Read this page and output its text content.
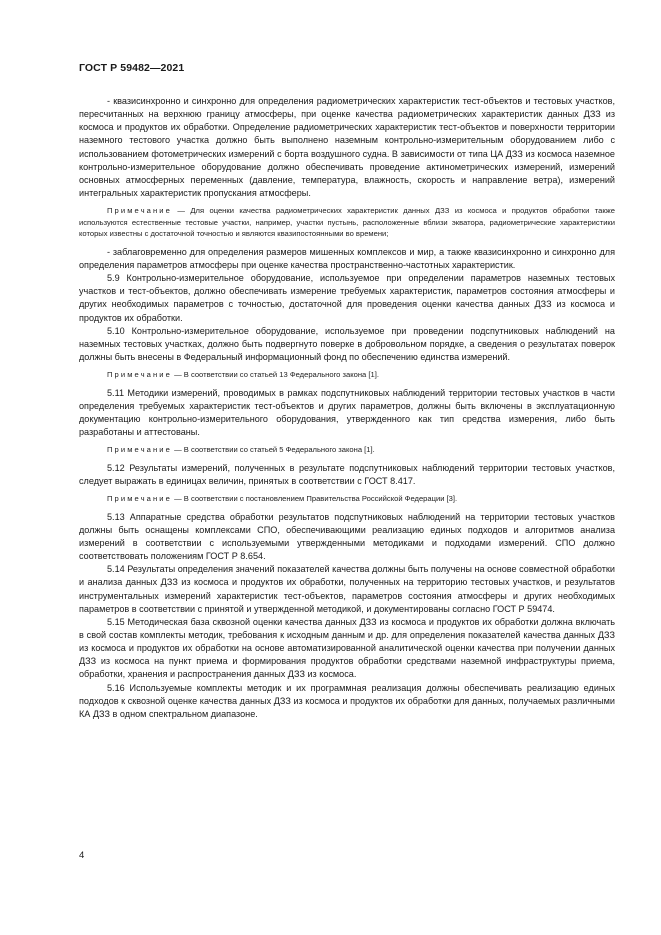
ГОСТ Р 59482—2021

- квазисинхронно и синхронно для определения радиометрических характеристик тест-объектов и тестовых участков, пересчитанных на верхнюю границу атмосферы, при оценке качества радиометрических характеристик данных ДЗЗ из космоса и продуктов их обработки. Определение радиометрических характеристик тест-объектов и поверхности территории наземного тестового участка должно быть выполнено наземным контрольно-измерительным оборудованием либо с использованием фотометрических измерений с борта воздушного судна. В зависимости от типа ЦА ДЗЗ из космоса наземное контрольно-измерительное оборудование должно обеспечивать проведение актинометрических измерений, измерений основных атмосферных переменных (давление, температура, влажность, скорость и направление ветра), измерений интегральных характеристик пропускания атмосферы.

Примечание — Для оценки качества радиометрических характеристик данных ДЗЗ из космоса и продуктов обработки также используются естественные тестовые участки, например, участки пустынь, расположенные вблизи экватора, радиометрические характеристики которых известны с достаточной точностью и являются квазипостоянными во времени;

- заблаговременно для определения размеров мишенных комплексов и мир, а также квазисинхронно и синхронно для определения параметров атмосферы при оценке качества пространственно-частотных характеристик.

5.9 Контрольно-измерительное оборудование, используемое при определении параметров наземных тестовых участков и тест-объектов, должно обеспечивать измерение требуемых характеристик, параметров состояния атмосферы и других необходимых параметров с точностью, достаточной для проведения оценки качества данных ДЗЗ из космоса и продуктов их обработки.

5.10 Контрольно-измерительное оборудование, используемое при проведении подспутниковых наблюдений на наземных тестовых участках, должно быть подвергнуто поверке в добровольном порядке, а сведения о результатах поверок должны быть внесены в Федеральный информационный фонд по обеспечению единства измерений.

Примечание — В соответствии со статьей 13 Федерального закона [1].

5.11 Методики измерений, проводимых в рамках подспутниковых наблюдений территории тестовых участков в части определения требуемых характеристик тест-объектов и других параметров, должны быть включены в эксплуатационную документацию контрольно-измерительного оборудования, утвержденного как тип средства измерения, либо быть разработаны и аттестованы.

Примечание — В соответствии со статьей 5 Федерального закона [1].

5.12 Результаты измерений, полученных в результате подспутниковых наблюдений территории тестовых участков, следует выражать в единицах величин, принятых в соответствии с ГОСТ 8.417.

Примечание — В соответствии с постановлением Правительства Российской Федерации [3].

5.13 Аппаратные средства обработки результатов подспутниковых наблюдений на территории тестовых участков должны быть оснащены комплексами СПО, обеспечивающими реализацию единых подходов и алгоритмов анализа измерений в соответствии с используемыми утвержденными методиками и подходами измерений. СПО должно соответствовать положениям ГОСТ Р 8.654.

5.14 Результаты определения значений показателей качества должны быть получены на основе совместной обработки и анализа данных ДЗЗ из космоса и продуктов их обработки, полученных на территорию тестовых участков, и результатов инструментальных измерений характеристик тест-объектов, параметров состояния атмосферы и других необходимых параметров в соответствии с принятой и утвержденной методикой, и документированы согласно ГОСТ Р 59474.

5.15 Методическая база сквозной оценки качества данных ДЗЗ из космоса и продуктов их обработки должна включать в свой состав комплекты методик, требования к исходным данным и др. для определения показателей качества данных ДЗЗ из космоса и продуктов их обработки на основе автоматизированной аналитической оценки качества при получении данных ДЗЗ из космоса на пункт приема и формирования продуктов обработки средствами наземной инфраструктуры приема, обработки, хранения и распространения данных ДЗЗ из космоса.

5.16 Используемые комплекты методик и их программная реализация должны обеспечивать реализацию единых подходов к сквозной оценке качества данных ДЗЗ из космоса и продуктов их обработки для данных, получаемых различными КА ДЗЗ в одном спектральном диапазоне.

4
